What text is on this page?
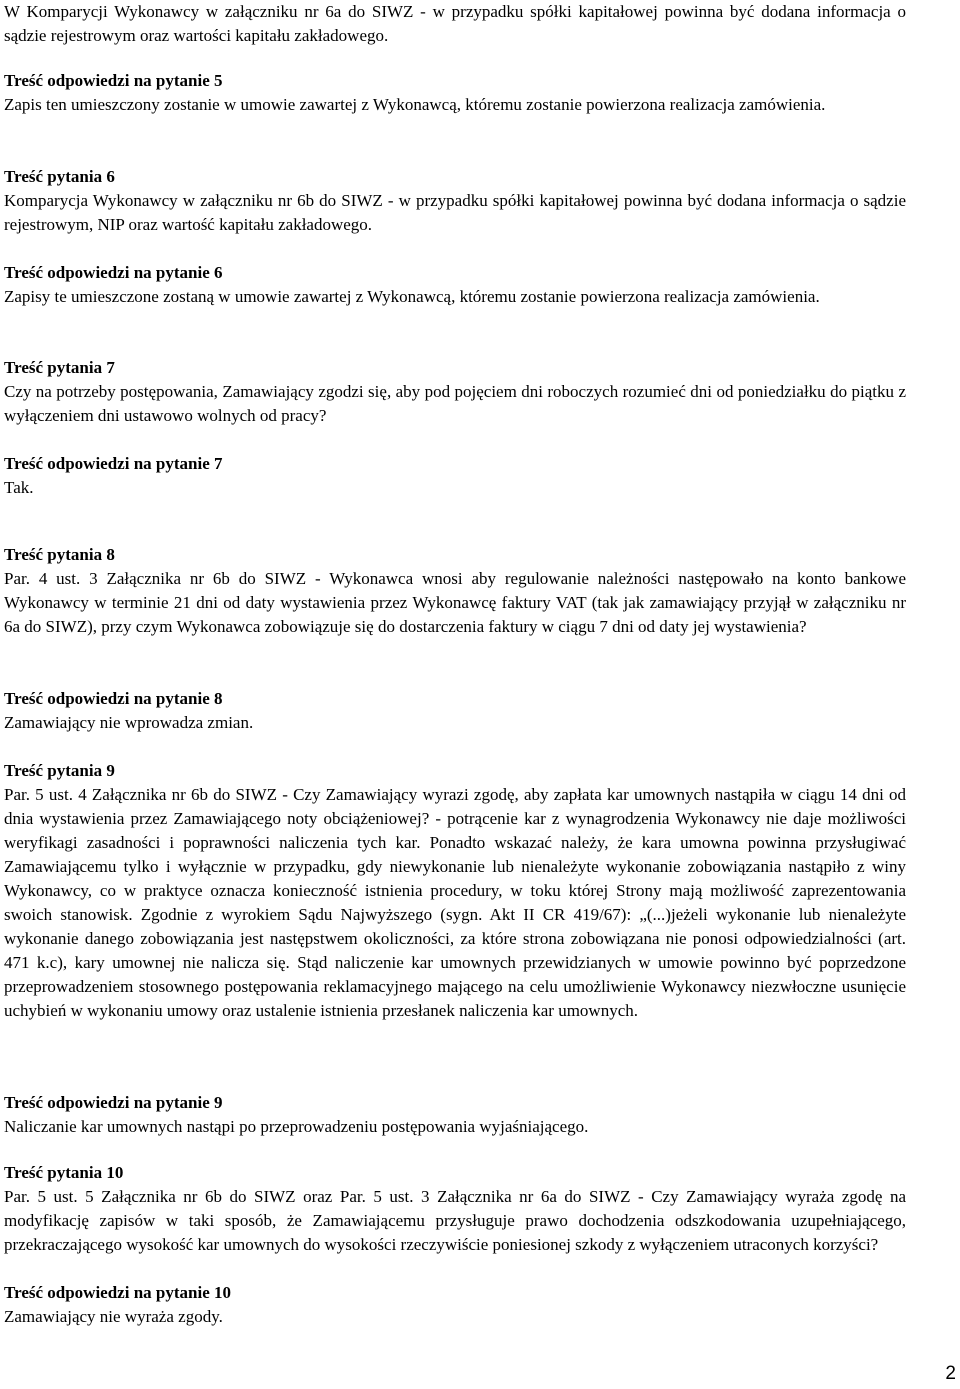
W Komparycji Wykonawcy w załączniku nr 6a do SIWZ - w przypadku spółki kapitałowej powinna być dodana informacja o sądzie rejestrowym oraz wartości kapitału zakładowego.

Treść odpowiedzi na pytanie 5

Zapis ten umieszczony zostanie w umowie zawartej z Wykonawcą, któremu zostanie powierzona realizacja zamówienia.

Treść pytania 6

Komparycja Wykonawcy w załączniku nr 6b do SIWZ - w przypadku spółki kapitałowej powinna być dodana informacja o sądzie rejestrowym, NIP oraz wartość kapitału zakładowego.

Treść odpowiedzi na pytanie 6

Zapisy te umieszczone zostaną w umowie zawartej z Wykonawcą, któremu zostanie powierzona realizacja zamówienia.

Treść pytania 7

Czy na potrzeby postępowania, Zamawiający zgodzi się, aby pod pojęciem dni roboczych rozumieć dni od poniedziałku do piątku z wyłączeniem dni ustawowo wolnych od pracy?

Treść odpowiedzi na pytanie 7

Tak.

Treść pytania 8

Par. 4 ust. 3 Załącznika nr 6b do SIWZ - Wykonawca wnosi aby regulowanie należności następowało na konto bankowe Wykonawcy w terminie 21 dni od daty wystawienia przez Wykonawcę faktury VAT (tak jak zamawiający przyjął w załączniku nr 6a do SIWZ), przy czym Wykonawca zobowiązuje się do dostarczenia faktury w ciągu 7 dni od daty jej wystawienia?

Treść odpowiedzi na pytanie 8

Zamawiający nie wprowadza zmian.

Treść pytania 9

Par. 5 ust. 4 Załącznika nr 6b do SIWZ - Czy Zamawiający wyrazi zgodę, aby zapłata kar umownych nastąpiła w ciągu 14 dni od dnia wystawienia przez Zamawiającego noty obciążeniowej? - potrącenie kar z wynagrodzenia Wykonawcy nie daje możliwości weryfikagi zasadności i poprawności naliczenia tych kar. Ponadto wskazać należy, że kara umowna powinna przysługiwać Zamawiającemu tylko i wyłącznie w przypadku, gdy niewykonanie lub nienależyte wykonanie zobowiązania nastąpiło z winy Wykonawcy, co w praktyce oznacza konieczność istnienia procedury, w toku której Strony mają możliwość zaprezentowania swoich stanowisk. Zgodnie z wyrokiem Sądu Najwyższego (sygn. Akt II CR 419/67): „(...)jeżeli wykonanie lub nienależyte wykonanie danego zobowiązania jest następstwem okoliczności, za które strona zobowiązana nie ponosi odpowiedzialności (art. 471 k.c), kary umownej nie nalicza się. Stąd naliczenie kar umownych przewidzianych w umowie powinno być poprzedzone przeprowadzeniem stosownego postępowania reklamacyjnego mającego na celu umożliwienie Wykonawcy niezwłoczne usunięcie uchybień w wykonaniu umowy oraz ustalenie istnienia przesłanek naliczenia kar umownych.

Treść odpowiedzi na pytanie 9

Naliczanie kar umownych nastąpi po przeprowadzeniu postępowania wyjaśniającego.

Treść pytania 10

Par. 5 ust. 5 Załącznika nr 6b do SIWZ oraz Par. 5 ust. 3 Załącznika nr 6a do SIWZ - Czy Zamawiający wyraża zgodę na modyfikację zapisów w taki sposób, że Zamawiającemu przysługuje prawo dochodzenia odszkodowania uzupełniającego, przekraczającego wysokość kar umownych do wysokości rzeczywiście poniesionej szkody z wyłączeniem utraconych korzyści?

Treść odpowiedzi na pytanie 10

Zamawiający nie wyraża zgody.

2
